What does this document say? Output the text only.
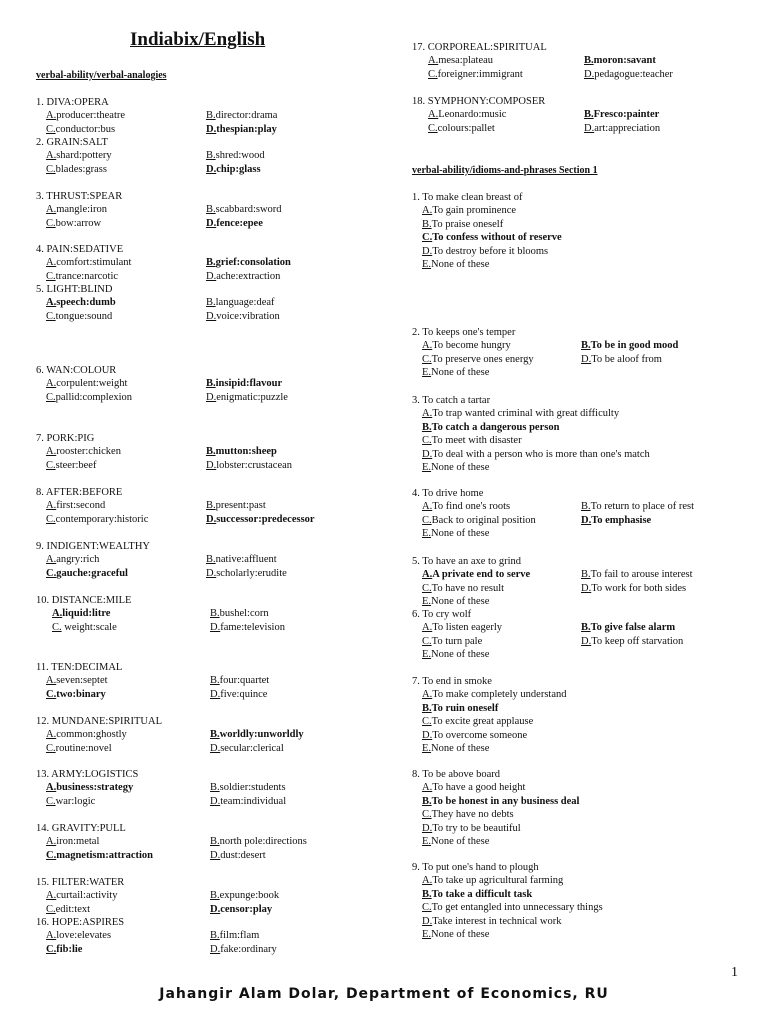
Indiabix/English
verbal-ability/verbal-analogies
verbal-ability/idioms-and-phrases Section 1
1. DIVA:OPERA
A.producer:theatre	B.director:drama
C.conductor:bus	D.thespian:play
2. GRAIN:SALT
A.shard:pottery	B.shred:wood
C.blades:grass	D.chip:glass
3. THRUST:SPEAR
A.mangle:iron	B.scabbard:sword
C.bow:arrow	D.fence:epee
4. PAIN:SEDATIVE
A.comfort:stimulant	B.grief:consolation
C.trance:narcotic	D.ache:extraction
5. LIGHT:BLIND
A.speech:dumb	B.language:deaf
C.tongue:sound	D.voice:vibration
6. WAN:COLOUR
A.corpulent:weight	B.insipid:flavour
C.pallid:complexion	D.enigmatic:puzzle
7. PORK:PIG
A.rooster:chicken	B.mutton:sheep
C.steer:beef	D.lobster:crustacean
8. AFTER:BEFORE
A.first:second	B.present:past
C.contemporary:historic	D.successor:predecessor
9. INDIGENT:WEALTHY
A.angry:rich	B.native:affluent
C.gauche:graceful	D.scholarly:erudite
10. DISTANCE:MILE
A.liquid:litre	B.bushel:corn
C. weight:scale	D.fame:television
11. TEN:DECIMAL
A.seven:septet	B.four:quartet
C.two:binary	D.five:quince
12. MUNDANE:SPIRITUAL
A.common:ghostly	B.worldly:unworldly
C.routine:novel	D.secular:clerical
13. ARMY:LOGISTICS
A.business:strategy	B.soldier:students
C.war:logic	D.team:individual
14. GRAVITY:PULL
A.iron:metal	B.north pole:directions
C.magnetism:attraction	D.dust:desert
15. FILTER:WATER
A.curtail:activity	B.expunge:book
C.edit:text	D.censor:play
16. HOPE:ASPIRES
A.love:elevates	B.film:flam
C.fib:lie	D.fake:ordinary
17. CORPOREAL:SPIRITUAL
A.mesa:plateau	B.moron:savant
C.foreigner:immigrant	D.pedagogue:teacher
18. SYMPHONY:COMPOSER
A.Leonardo:music	B.Fresco:painter
C.colours:pallet	D.art:appreciation
1. To make clean breast of
A.To gain prominence
B.To praise oneself
C.To confess without of reserve
D.To destroy before it blooms
E.None of these
2. To keeps one's temper
A.To become hungry	B.To be in good mood
C.To preserve ones energy	D.To be aloof from
E.None of these
3. To catch a tartar
A.To trap wanted criminal with great difficulty
B.To catch a dangerous person
C.To meet with disaster
D.To deal with a person who is more than one's match
E.None of these
4. To drive home
A.To find one's roots	B.To return to place of rest
C.Back to original position	D.To emphasise
E.None of these
5. To have an axe to grind
A.A private end to serve	B.To fail to arouse interest
C.To have no result	D.To work for both sides
E.None of these
6. To cry wolf
A.To listen eagerly	B.To give false alarm
C.To turn pale	D.To keep off starvation
E.None of these
7. To end in smoke
A.To make completely understand
B.To ruin oneself
C.To excite great applause
D.To overcome someone
E.None of these
8. To be above board
A.To have a good height
B.To be honest in any business deal
C.They have no debts
D.To try to be beautiful
E.None of these
9. To put one's hand to plough
A.To take up agricultural farming
B.To take a difficult task
C.To get entangled into unnecessary things
D.Take interest in technical work
E.None of these
1
Jahangir Alam Dolar, Department of Economics, RU
